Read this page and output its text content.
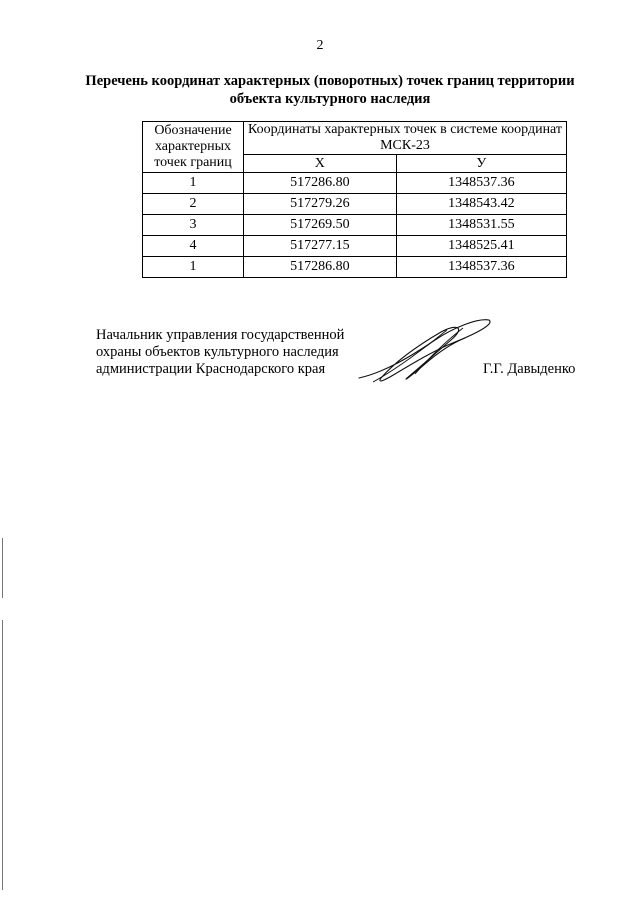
2
Перечень координат характерных (поворотных) точек границ территории объекта культурного наследия
Обозначение характерных точек границ	Координаты характерных точек в системе координат МСК-23	
	X	У
1	517286.80	1348537.36
2	517279.26	1348543.42
3	517269.50	1348531.55
4	517277.15	1348525.41
1	517286.80	1348537.36
Начальник управления государственной
охраны объектов культурного наследия
администрации Краснодарского края	Г.Г. Давыденко
